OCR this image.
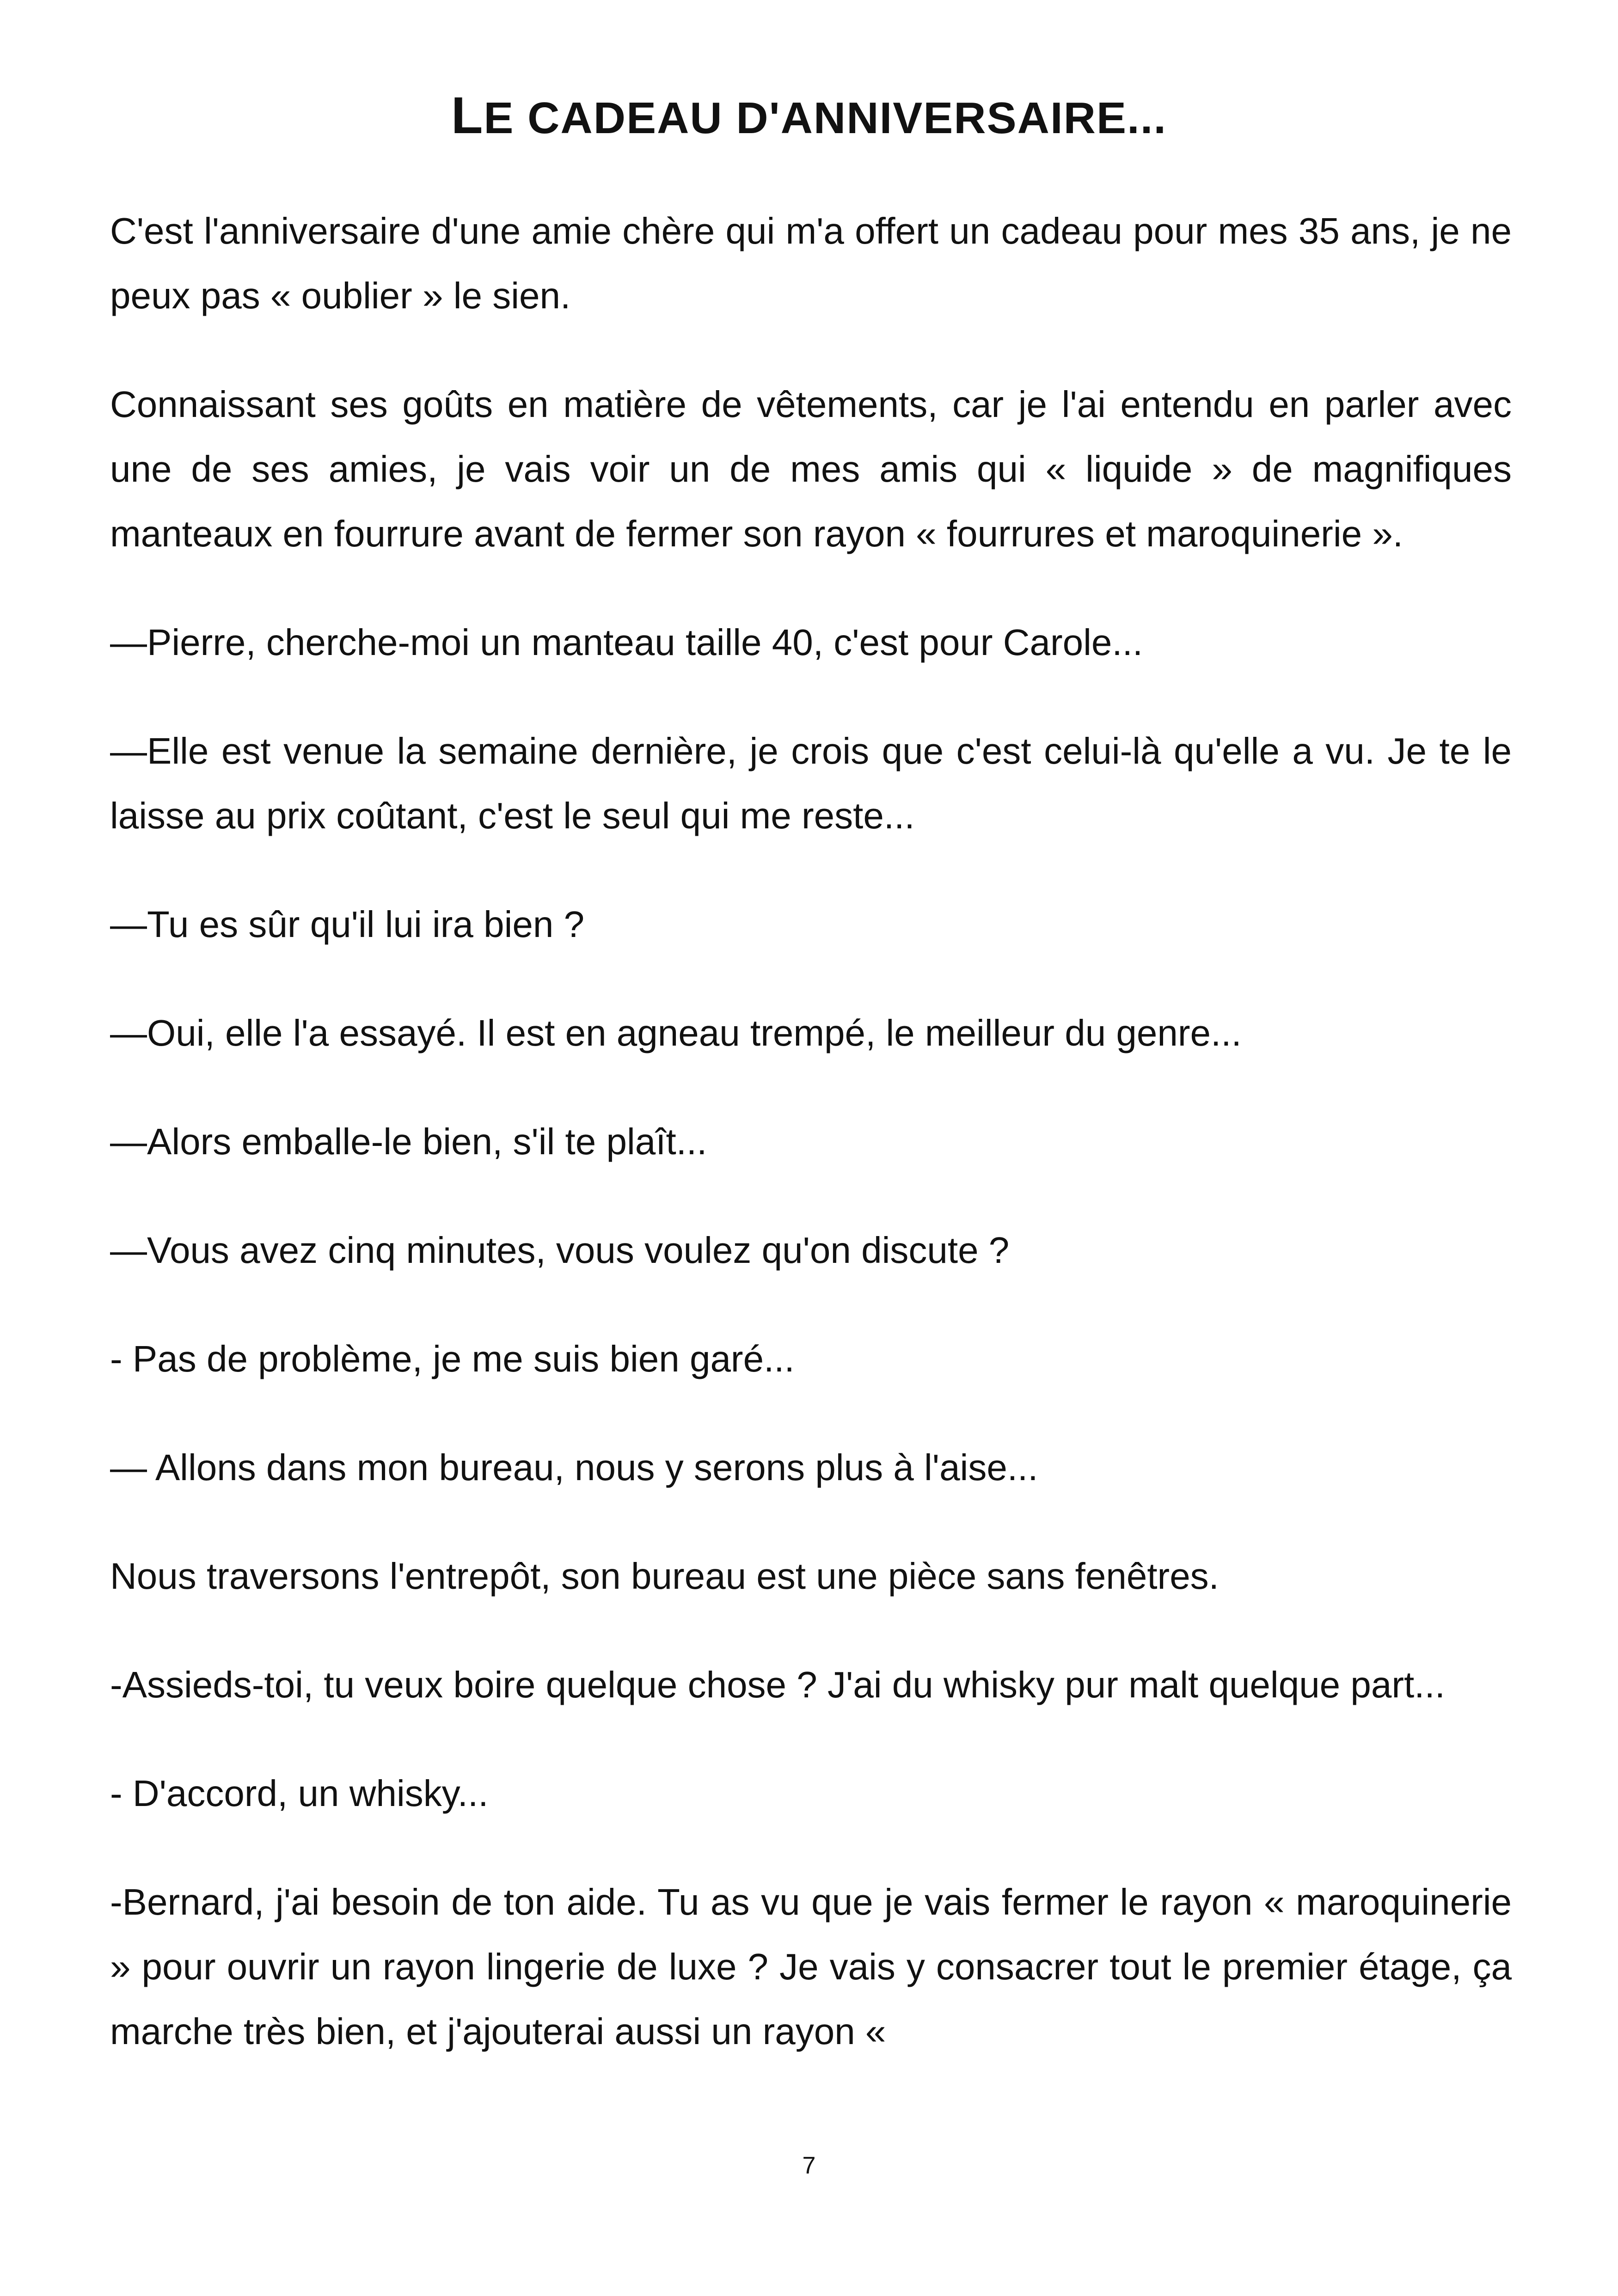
LE CADEAU D'ANNIVERSAIRE...

C'est l'anniversaire d'une amie chère qui m'a offert un cadeau pour mes 35 ans, je ne peux pas « oublier » le sien.

Connaissant ses goûts en matière de vêtements, car je l'ai entendu en parler avec une de ses amies, je vais voir un de mes amis qui « liquide » de magnifiques manteaux en fourrure avant de fermer son rayon « fourrures et maroquinerie ».

—Pierre, cherche-moi un manteau taille 40, c'est pour Carole...

—Elle est venue la semaine dernière, je crois que c'est celui-là qu'elle a vu. Je te le laisse au prix coûtant, c'est le seul qui me reste...

—Tu es sûr qu'il lui ira bien ?

—Oui, elle l'a essayé. Il est en agneau trempé, le meilleur du genre...

—Alors emballe-le bien, s'il te plaît...

—Vous avez cinq minutes, vous voulez qu'on discute ?

- Pas de problème, je me suis bien garé...

— Allons dans mon bureau, nous y serons plus à l'aise...

Nous traversons l'entrepôt, son bureau est une pièce sans fenêtres.

-Assieds-toi, tu veux boire quelque chose ? J'ai du whisky pur malt quelque part...

- D'accord, un whisky...

-Bernard, j'ai besoin de ton aide. Tu as vu que je vais fermer le rayon « maroquinerie » pour ouvrir un rayon lingerie de luxe ? Je vais y consacrer tout le premier étage, ça marche très bien, et j'ajouterai aussi un rayon «

7
